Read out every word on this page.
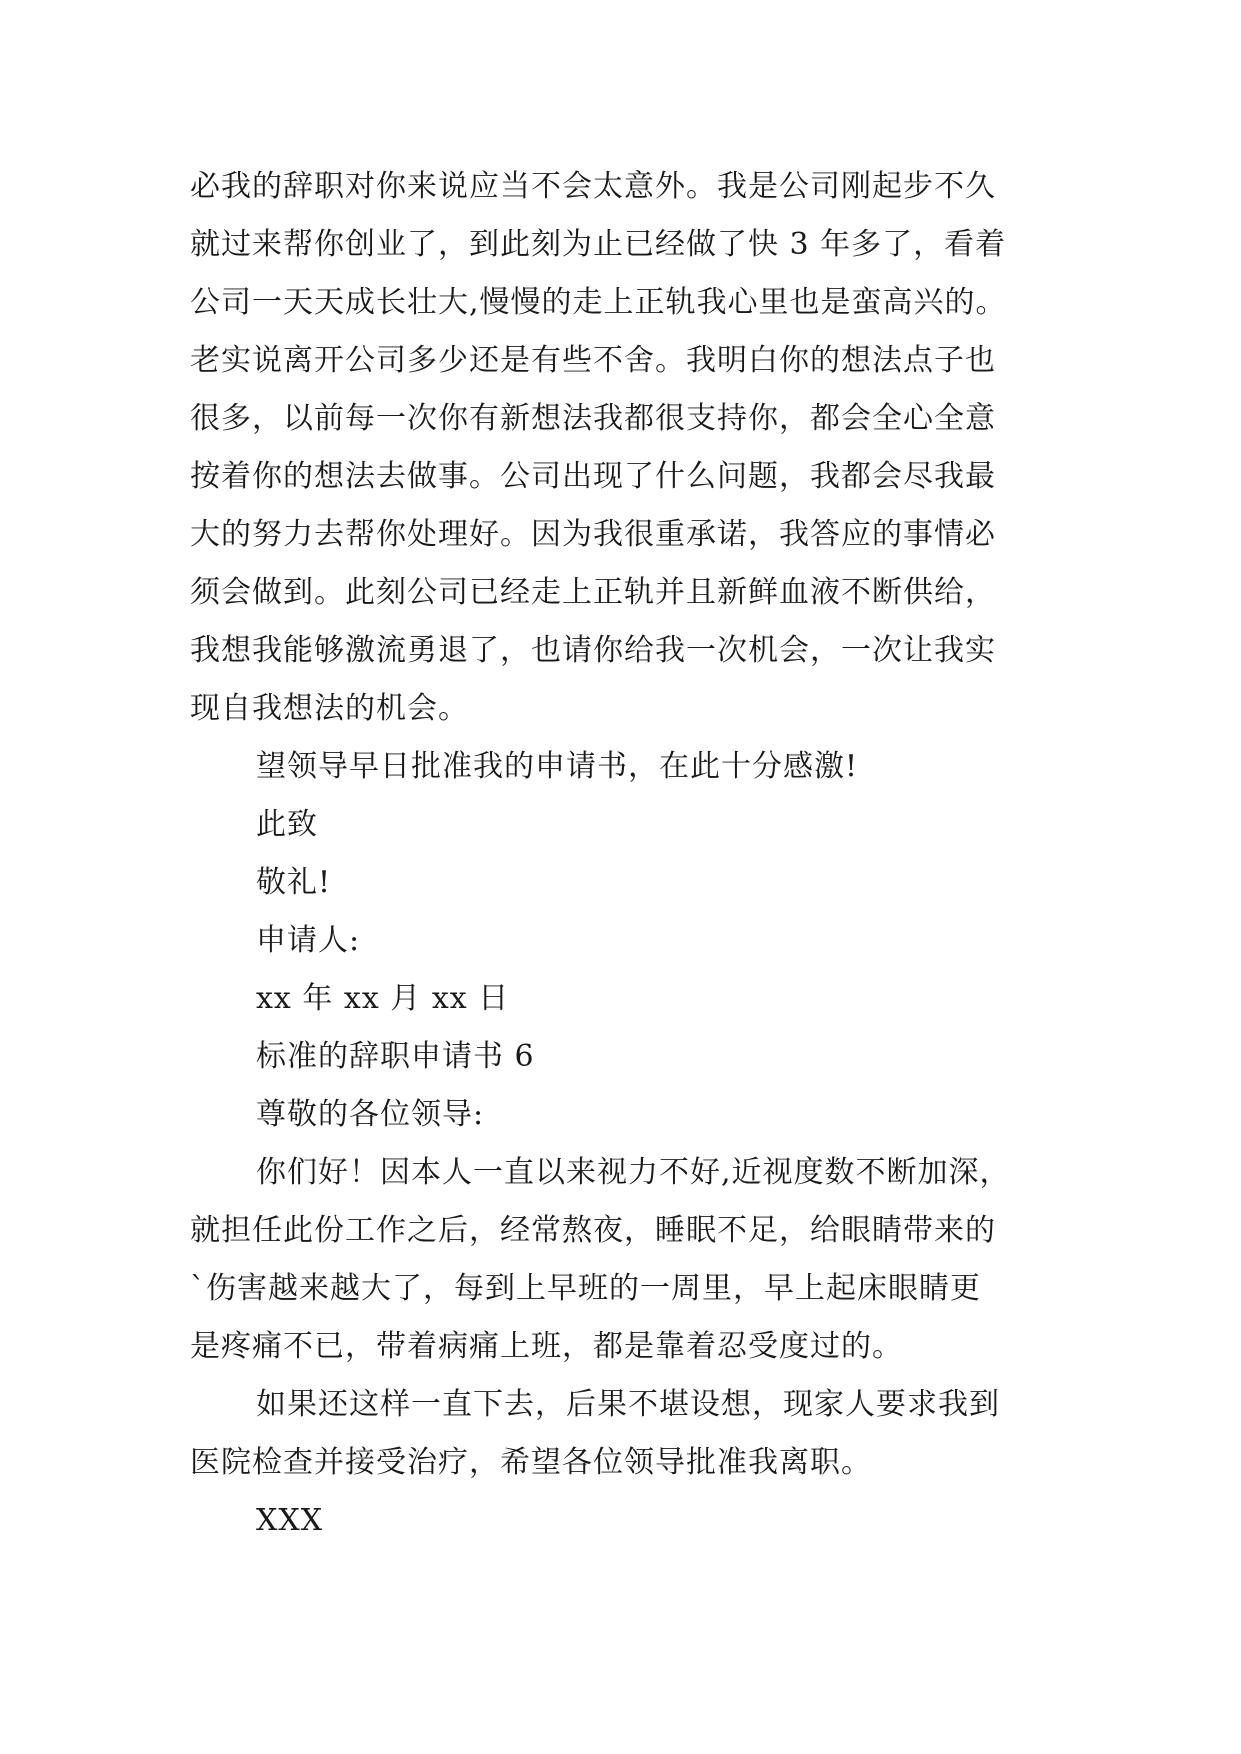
必我的辞职对你来说应当不会太意外。我是公司刚起步不久

就过来帮你创业了，到此刻为止已经做了快 3 年多了，看着

公司一天天成长壮大,慢慢的走上正轨我心里也是蛮高兴的。

老实说离开公司多少还是有些不舍。我明白你的想法点子也

很多，以前每一次你有新想法我都很支持你，都会全心全意

按着你的想法去做事。公司出现了什么问题，我都会尽我最

大的努力去帮你处理好。因为我很重承诺，我答应的事情必

须会做到。此刻公司已经走上正轨并且新鲜血液不断供给，

我想我能够激流勇退了，也请你给我一次机会，一次让我实

现自我想法的机会。

望领导早日批准我的申请书，在此十分感激!

此致

敬礼!

申请人:

xx 年 xx 月 xx 日

标准的辞职申请书 6

尊敬的各位领导:

你们好！因本人一直以来视力不好,近视度数不断加深，

就担任此份工作之后，经常熬夜，睡眠不足，给眼睛带来的

`伤害越来越大了，每到上早班的一周里，早上起床眼睛更

是疼痛不已，带着病痛上班，都是靠着忍受度过的。

如果还这样一直下去，后果不堪设想，现家人要求我到

医院检查并接受治疗，希望各位领导批准我离职。

XXX
